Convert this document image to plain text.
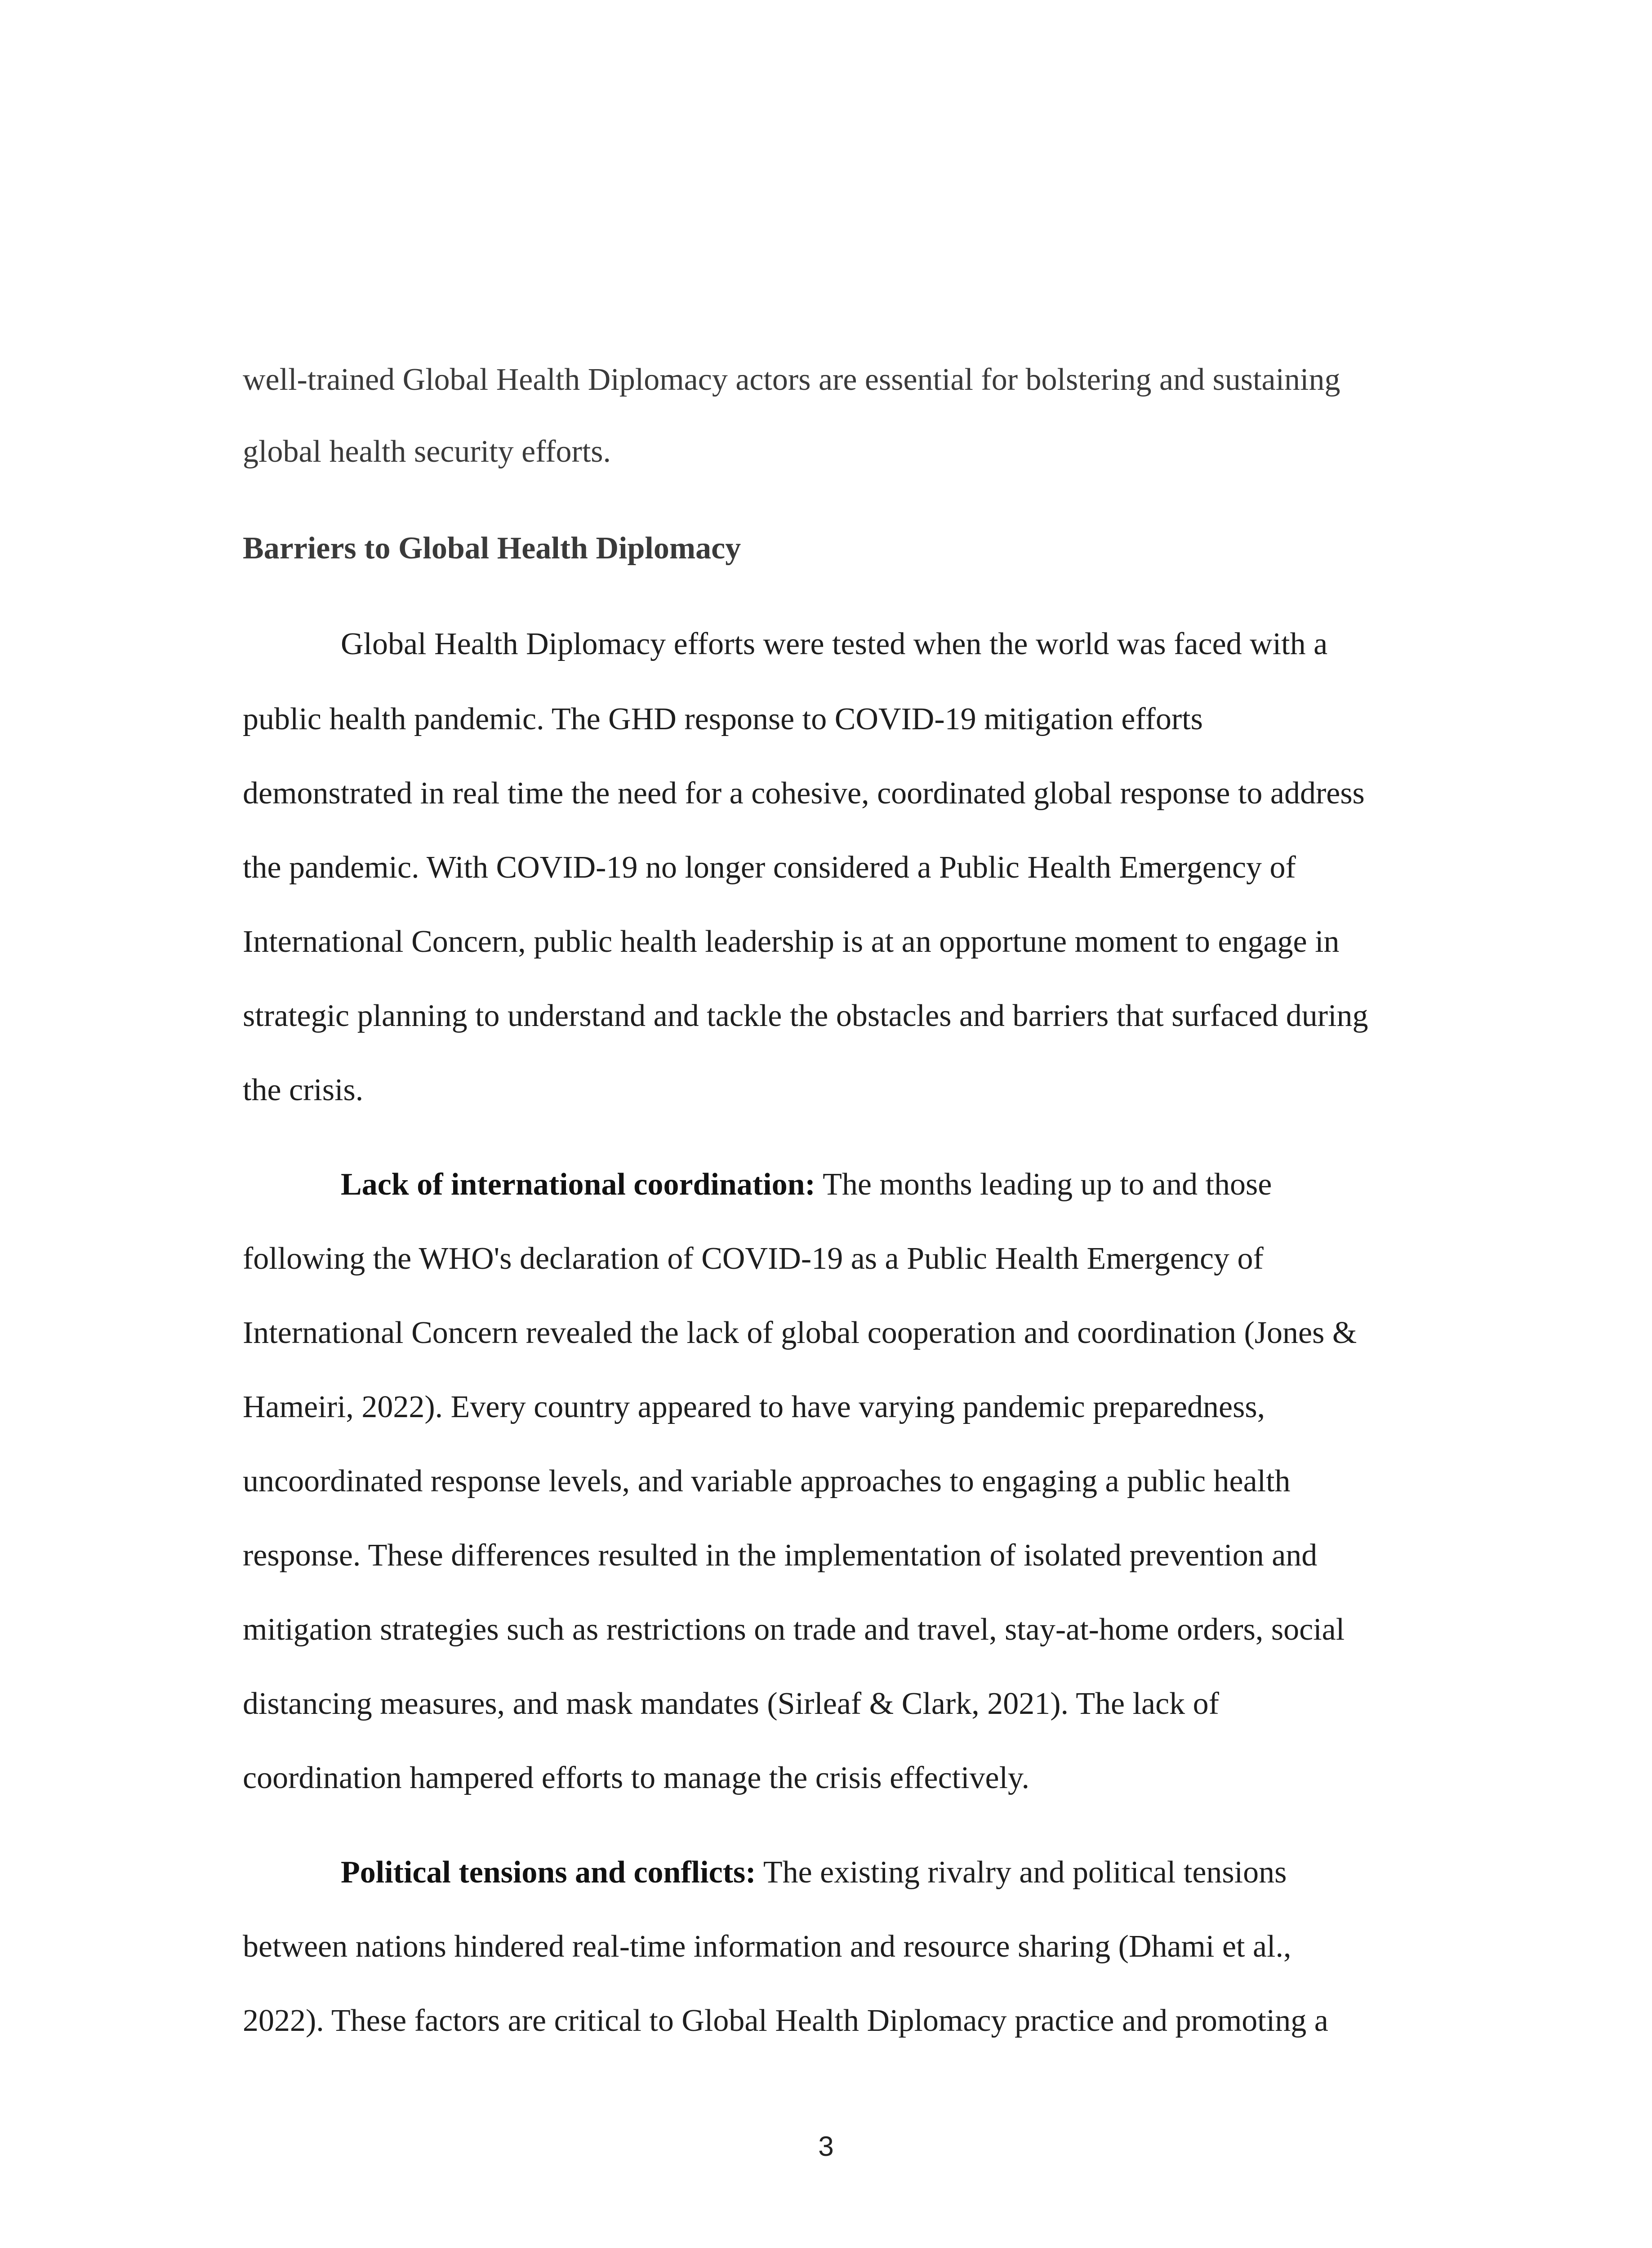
well-trained Global Health Diplomacy actors are essential for bolstering and sustaining
global health security efforts.
Barriers to Global Health Diplomacy
Global Health Diplomacy efforts were tested when the world was faced with a
public health pandemic. The GHD response to COVID-19 mitigation efforts
demonstrated in real time the need for a cohesive, coordinated global response to address
the pandemic. With COVID-19 no longer considered a Public Health Emergency of
International Concern, public health leadership is at an opportune moment to engage in
strategic planning to understand and tackle the obstacles and barriers that surfaced during
the crisis.
Lack of international coordination: The months leading up to and those
following the WHO's declaration of COVID-19 as a Public Health Emergency of
International Concern revealed the lack of global cooperation and coordination (Jones &
Hameiri, 2022). Every country appeared to have varying pandemic preparedness,
uncoordinated response levels, and variable approaches to engaging a public health
response. These differences resulted in the implementation of isolated prevention and
mitigation strategies such as restrictions on trade and travel, stay-at-home orders, social
distancing measures, and mask mandates (Sirleaf & Clark, 2021). The lack of
coordination hampered efforts to manage the crisis effectively.
Political tensions and conflicts: The existing rivalry and political tensions
between nations hindered real-time information and resource sharing (Dhami et al.,
2022). These factors are critical to Global Health Diplomacy practice and promoting a
3
